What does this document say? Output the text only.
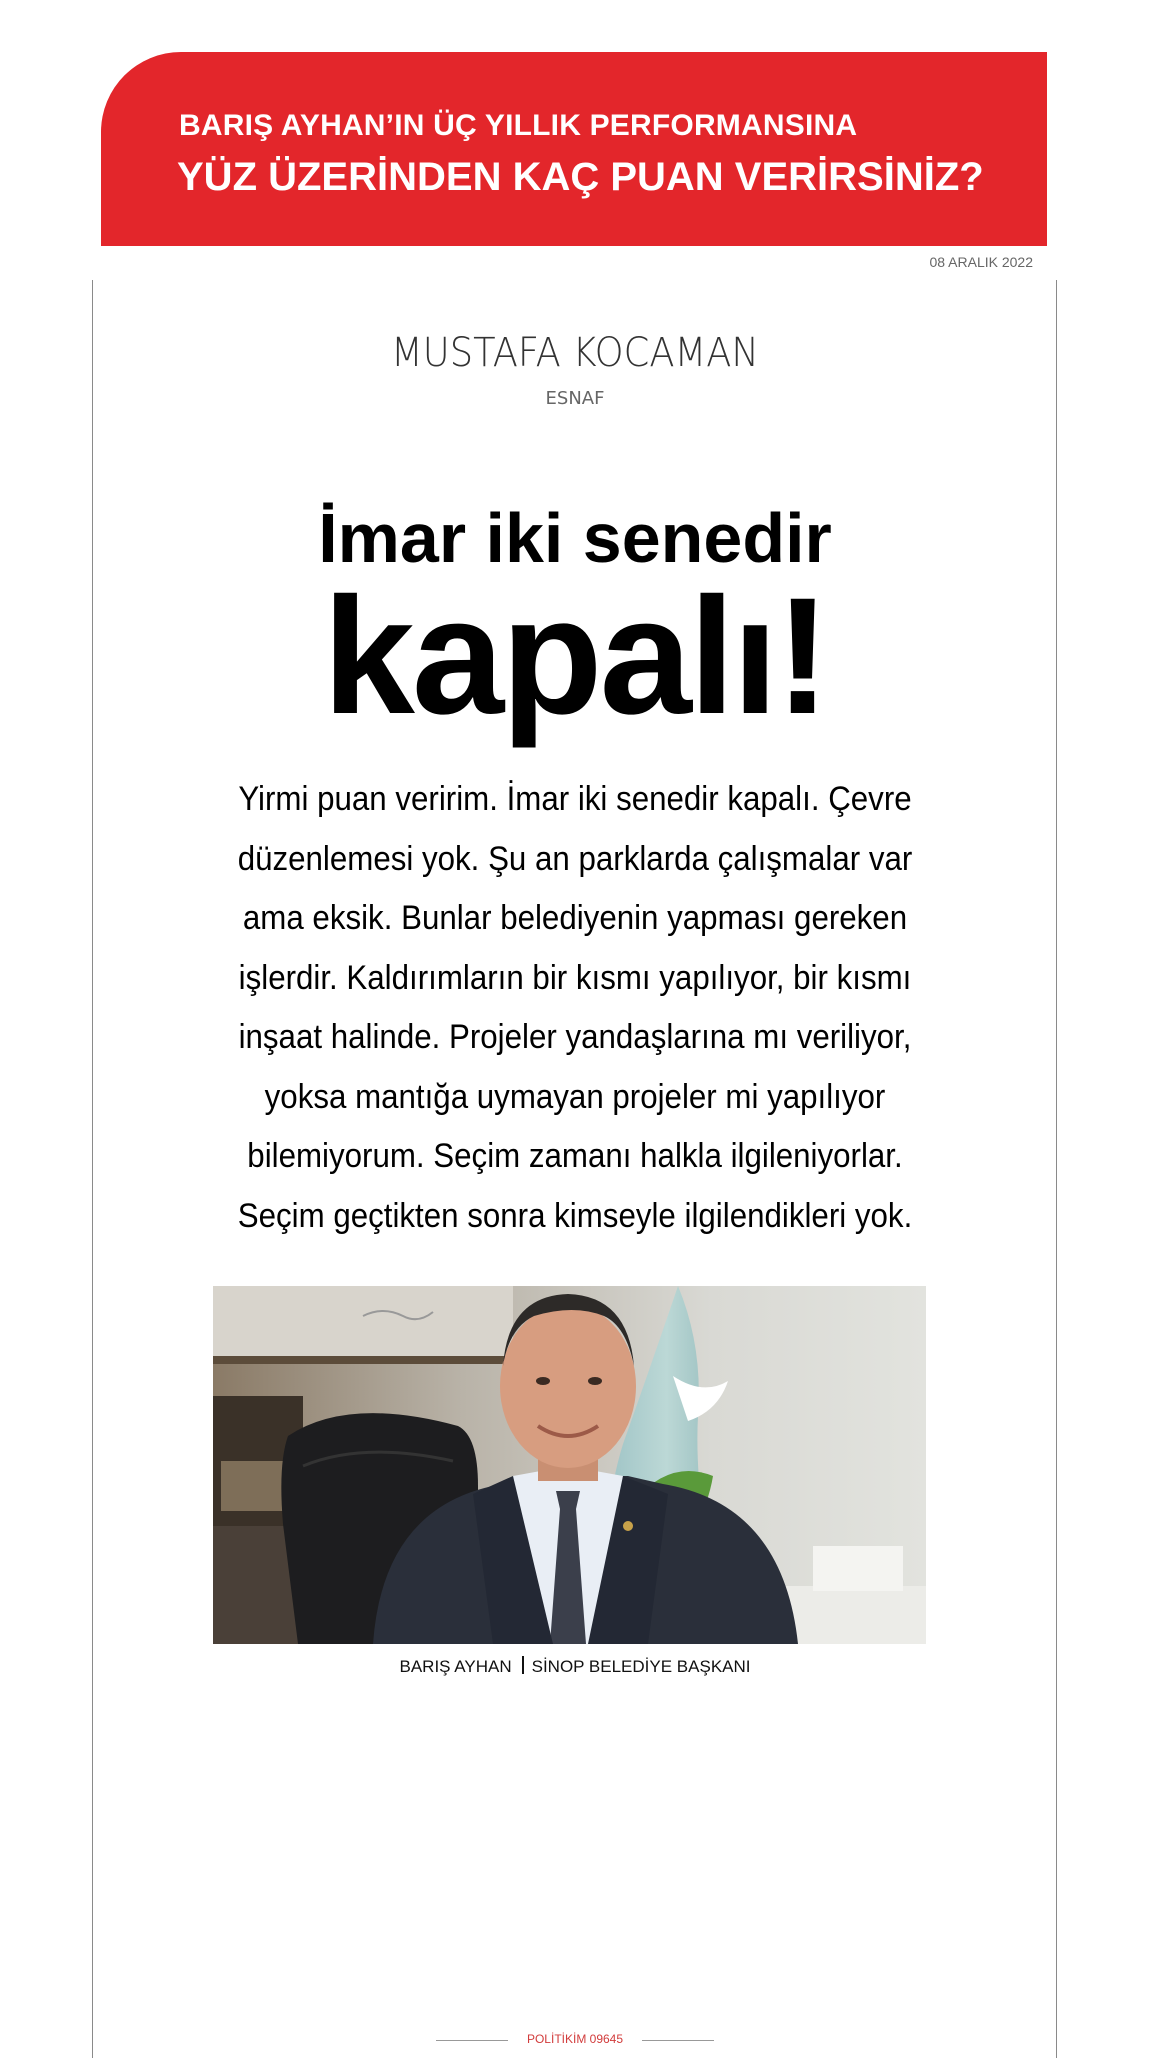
BARIŞ AYHAN’IN ÜÇ YILLIK PERFORMANSINA
YÜZ ÜZERİNDEN KAÇ PUAN VERİRSİNİZ?
08 ARALIK 2022
MUSTAFA KOCAMAN
ESNAF
İmar iki senedir
kapalı!
Yirmi puan veririm. İmar iki senedir kapalı. Çevre düzenlemesi yok. Şu an parklarda çalışmalar var ama eksik. Bunlar belediyenin yapması gereken işlerdir. Kaldırımların bir kısmı yapılıyor, bir kısmı inşaat halinde. Projeler yandaşlarına mı veriliyor, yoksa mantığa uymayan projeler mi yapılıyor bilemiyorum. Seçim zamanı halkla ilgileniyorlar. Seçim geçtikten sonra kimseyle ilgilendikleri yok.
BARIŞ AYHAN SİNOP BELEDİYE BAŞKANI
POLİTİKİM 09645
